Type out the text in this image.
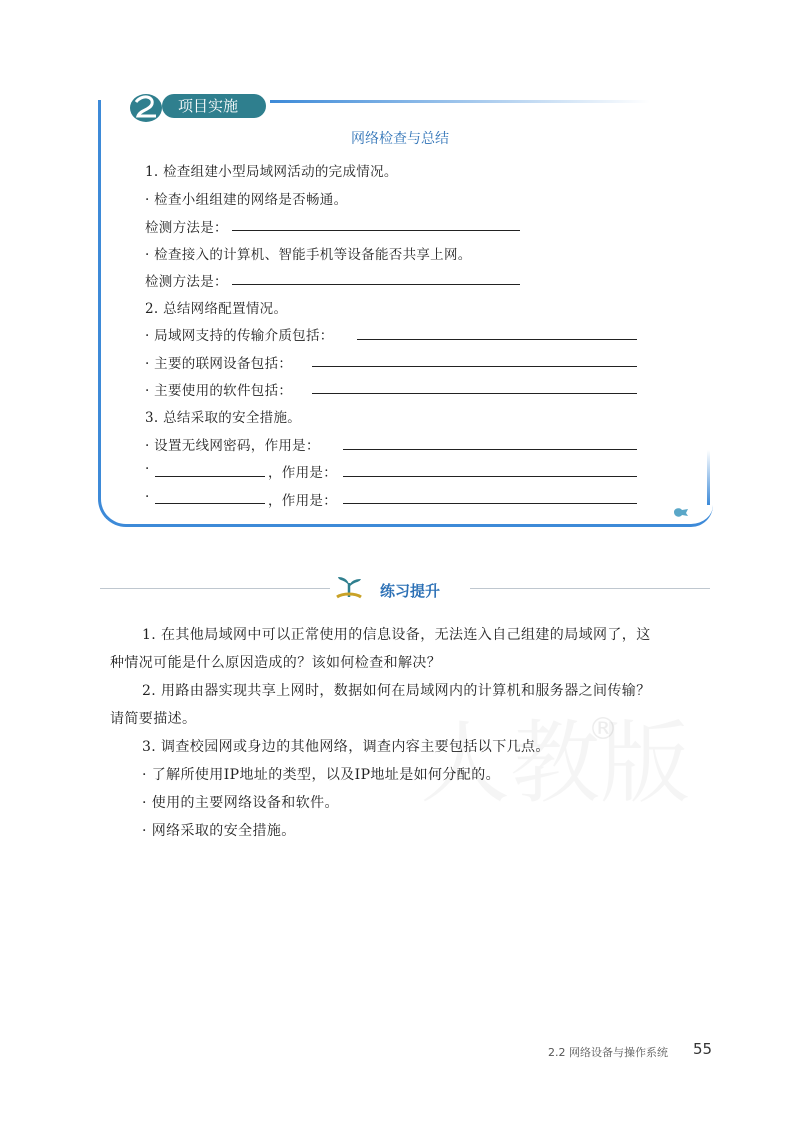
项目实施
网络检查与总结
1. 检查组建小型局域网活动的完成情况。
· 检查小组组建的网络是否畅通。
检测方法是：
· 检查接入的计算机、智能手机等设备能否共享上网。
检测方法是：
2. 总结网络配置情况。
· 局域网支持的传输介质包括：
· 主要的联网设备包括：
· 主要使用的软件包括：
3. 总结采取的安全措施。
· 设置无线网密码，作用是：
·	，作用是：
·	，作用是：
练习提升
®
1. 在其他局域网中可以正常使用的信息设备，无法连入自己组建的局域网了，这
种情况可能是什么原因造成的？该如何检查和解决？
2. 用路由器实现共享上网时，数据如何在局域网内的计算机和服务器之间传输？
请简要描述。
3. 调查校园网或身边的其他网络，调查内容主要包括以下几点。
· 了解所使用IP地址的类型，以及IP地址是如何分配的。
· 使用的主要网络设备和软件。
· 网络采取的安全措施。
2.2 网络设备与操作系统 55
